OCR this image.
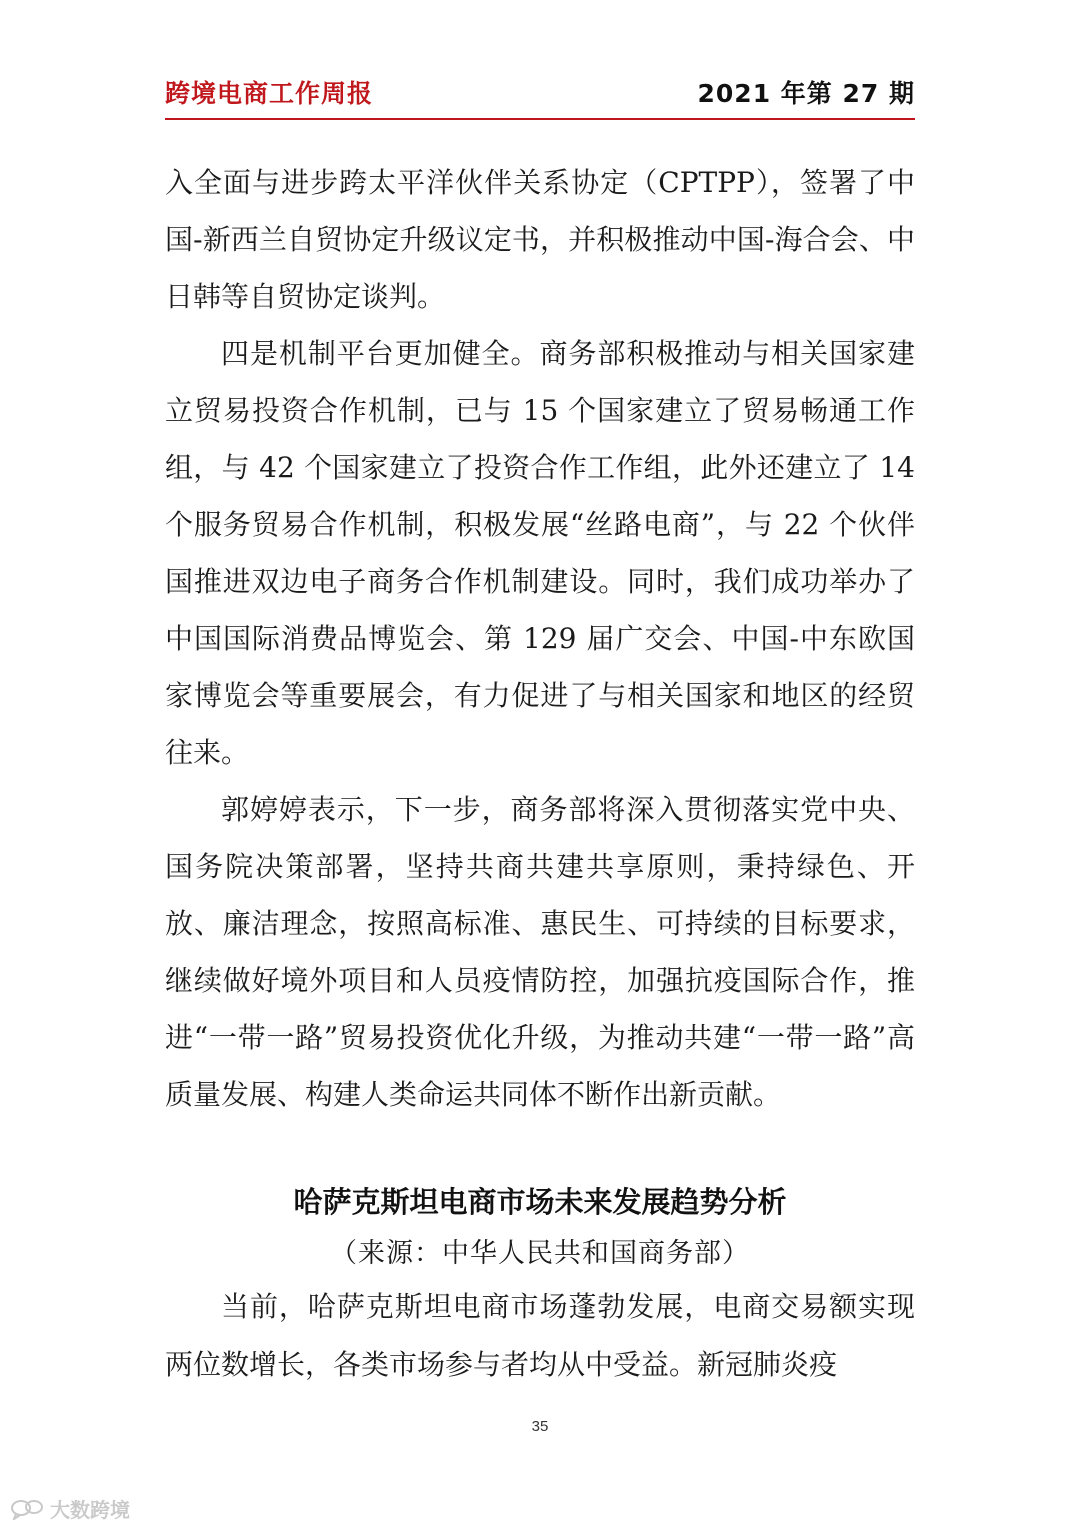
跨境电商工作周报	2021 年第 27 期

入全面与进步跨太平洋伙伴关系协定（CPTPP），签署了中国-新西兰自贸协定升级议定书，并积极推动中国-海合会、中日韩等自贸协定谈判。

四是机制平台更加健全。商务部积极推动与相关国家建立贸易投资合作机制，已与 15 个国家建立了贸易畅通工作组，与 42 个国家建立了投资合作工作组，此外还建立了 14 个服务贸易合作机制，积极发展“丝路电商”，与 22 个伙伴国推进双边电子商务合作机制建设。同时，我们成功举办了中国国际消费品博览会、第 129 届广交会、中国-中东欧国家博览会等重要展会，有力促进了与相关国家和地区的经贸往来。

郭婷婷表示，下一步，商务部将深入贯彻落实党中央、国务院决策部署，坚持共商共建共享原则，秉持绿色、开放、廉洁理念，按照高标准、惠民生、可持续的目标要求，继续做好境外项目和人员疫情防控，加强抗疫国际合作，推进“一带一路”贸易投资优化升级，为推动共建“一带一路”高质量发展、构建人类命运共同体不断作出新贡献。

哈萨克斯坦电商市场未来发展趋势分析
（来源：中华人民共和国商务部）

当前，哈萨克斯坦电商市场蓬勃发展，电商交易额实现两位数增长，各类市场参与者均从中受益。新冠肺炎疫

35
大数跨境
